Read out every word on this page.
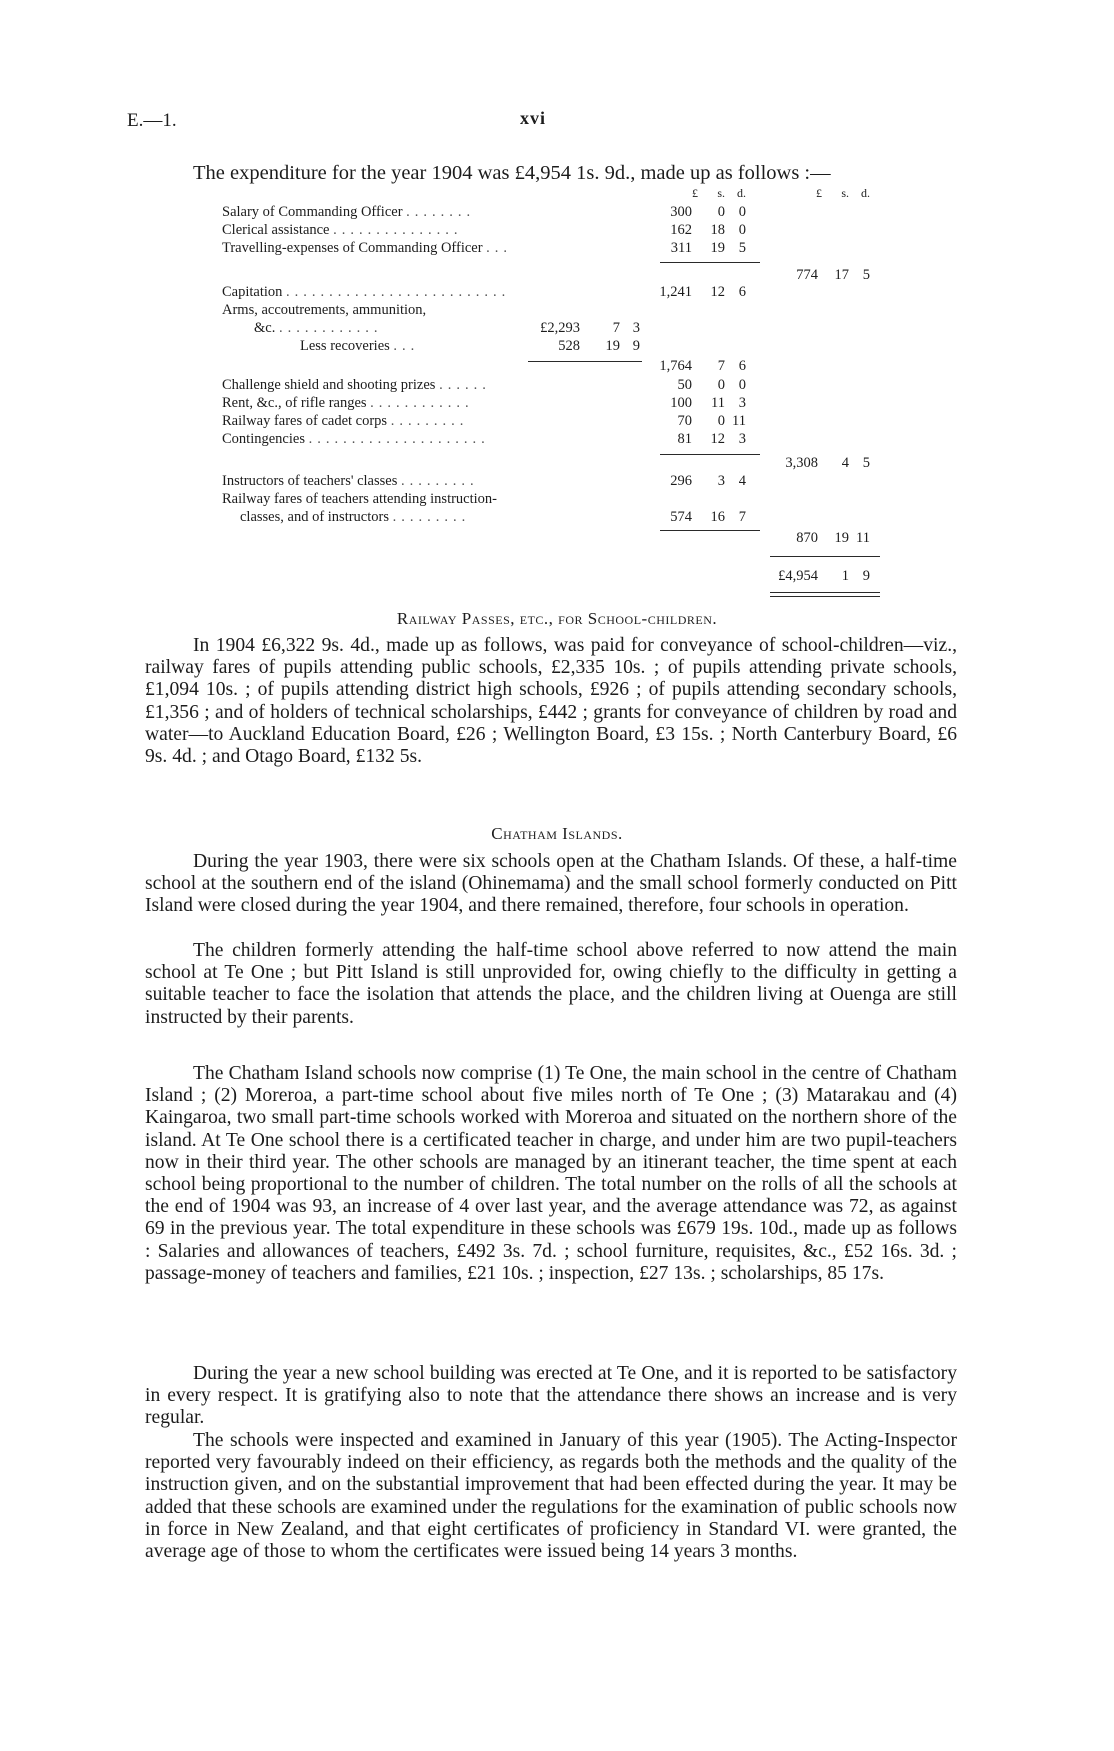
E.—1.	xvi
The expenditure for the year 1904 was £4,954 1s. 9d., made up as follows :—
£	s.	d.	£	s.	d.
Salary of Commanding Officer ........	300	0 0
Clerical assistance ...............	162	18 0
Travelling-expenses of Commanding Officer ...	311	19 5
774	17 5
Capitation ..........................	1,241	12 6
Arms, accoutrements, ammunition,
&c. ............	£2,293	7 3
Less recoveries ...	528	19 9
1,764	7 6
Challenge shield and shooting prizes ......	50	0 0
Rent, &c., of rifle ranges ............	100	11 3
Railway fares of cadet corps .........	70	0 11
Contingencies .....................	81	12 3
3,308	4 5
Instructors of teachers' classes .........	296	3 4
Railway fares of teachers attending instruction-
classes, and of instructors .........	574	16 7
870	19 11
£4,954	1 9
Railway Passes, etc., for School-children.

In 1904 £6,322 9s. 4d., made up as follows, was paid for conveyance of school-children—viz., railway fares of pupils attending public schools, £2,335 10s. ; of pupils attending private schools, £1,094 10s. ; of pupils attending district high schools, £926 ; of pupils attending secondary schools, £1,356 ; and of holders of technical scholarships, £442 ; grants for conveyance of children by road and water—to Auckland Education Board, £26 ; Wellington Board, £3 15s. ; North Canterbury Board, £6 9s. 4d. ; and Otago Board, £132 5s.

Chatham Islands.

During the year 1903, there were six schools open at the Chatham Islands. Of these, a half-time school at the southern end of the island (Ohinemama) and the small school formerly conducted on Pitt Island were closed during the year 1904, and there remained, therefore, four schools in operation.

The children formerly attending the half-time school above referred to now attend the main school at Te One ; but Pitt Island is still unprovided for, owing chiefly to the difficulty in getting a suitable teacher to face the isolation that attends the place, and the children living at Ouenga are still instructed by their parents.

The Chatham Island schools now comprise (1) Te One, the main school in the centre of Chatham Island ; (2) Moreroa, a part-time school about five miles north of Te One ; (3) Matarakau and (4) Kaingaroa, two small part-time schools worked with Moreroa and situated on the northern shore of the island. At Te One school there is a certificated teacher in charge, and under him are two pupil-teachers now in their third year. The other schools are managed by an itinerant teacher, the time spent at each school being proportional to the number of children. The total number on the rolls of all the schools at the end of 1904 was 93, an increase of 4 over last year, and the average attendance was 72, as against 69 in the previous year. The total expenditure in these schools was £679 19s. 10d., made up as follows : Salaries and allowances of teachers, £492 3s. 7d. ; school furniture, requisites, &c., £52 16s. 3d. ; passage-money of teachers and families, £21 10s. ; inspection, £27 13s. ; scholarships, 85 17s.

During the year a new school building was erected at Te One, and it is reported to be satisfactory in every respect. It is gratifying also to note that the attendance there shows an increase and is very regular.

The schools were inspected and examined in January of this year (1905). The Acting-Inspector reported very favourably indeed on their efficiency, as regards both the methods and the quality of the instruction given, and on the substantial improvement that had been effected during the year. It may be added that these schools are examined under the regulations for the examination of public schools now in force in New Zealand, and that eight certificates of proficiency in Standard VI. were granted, the average age of those to whom the certificates were issued being 14 years 3 months.
